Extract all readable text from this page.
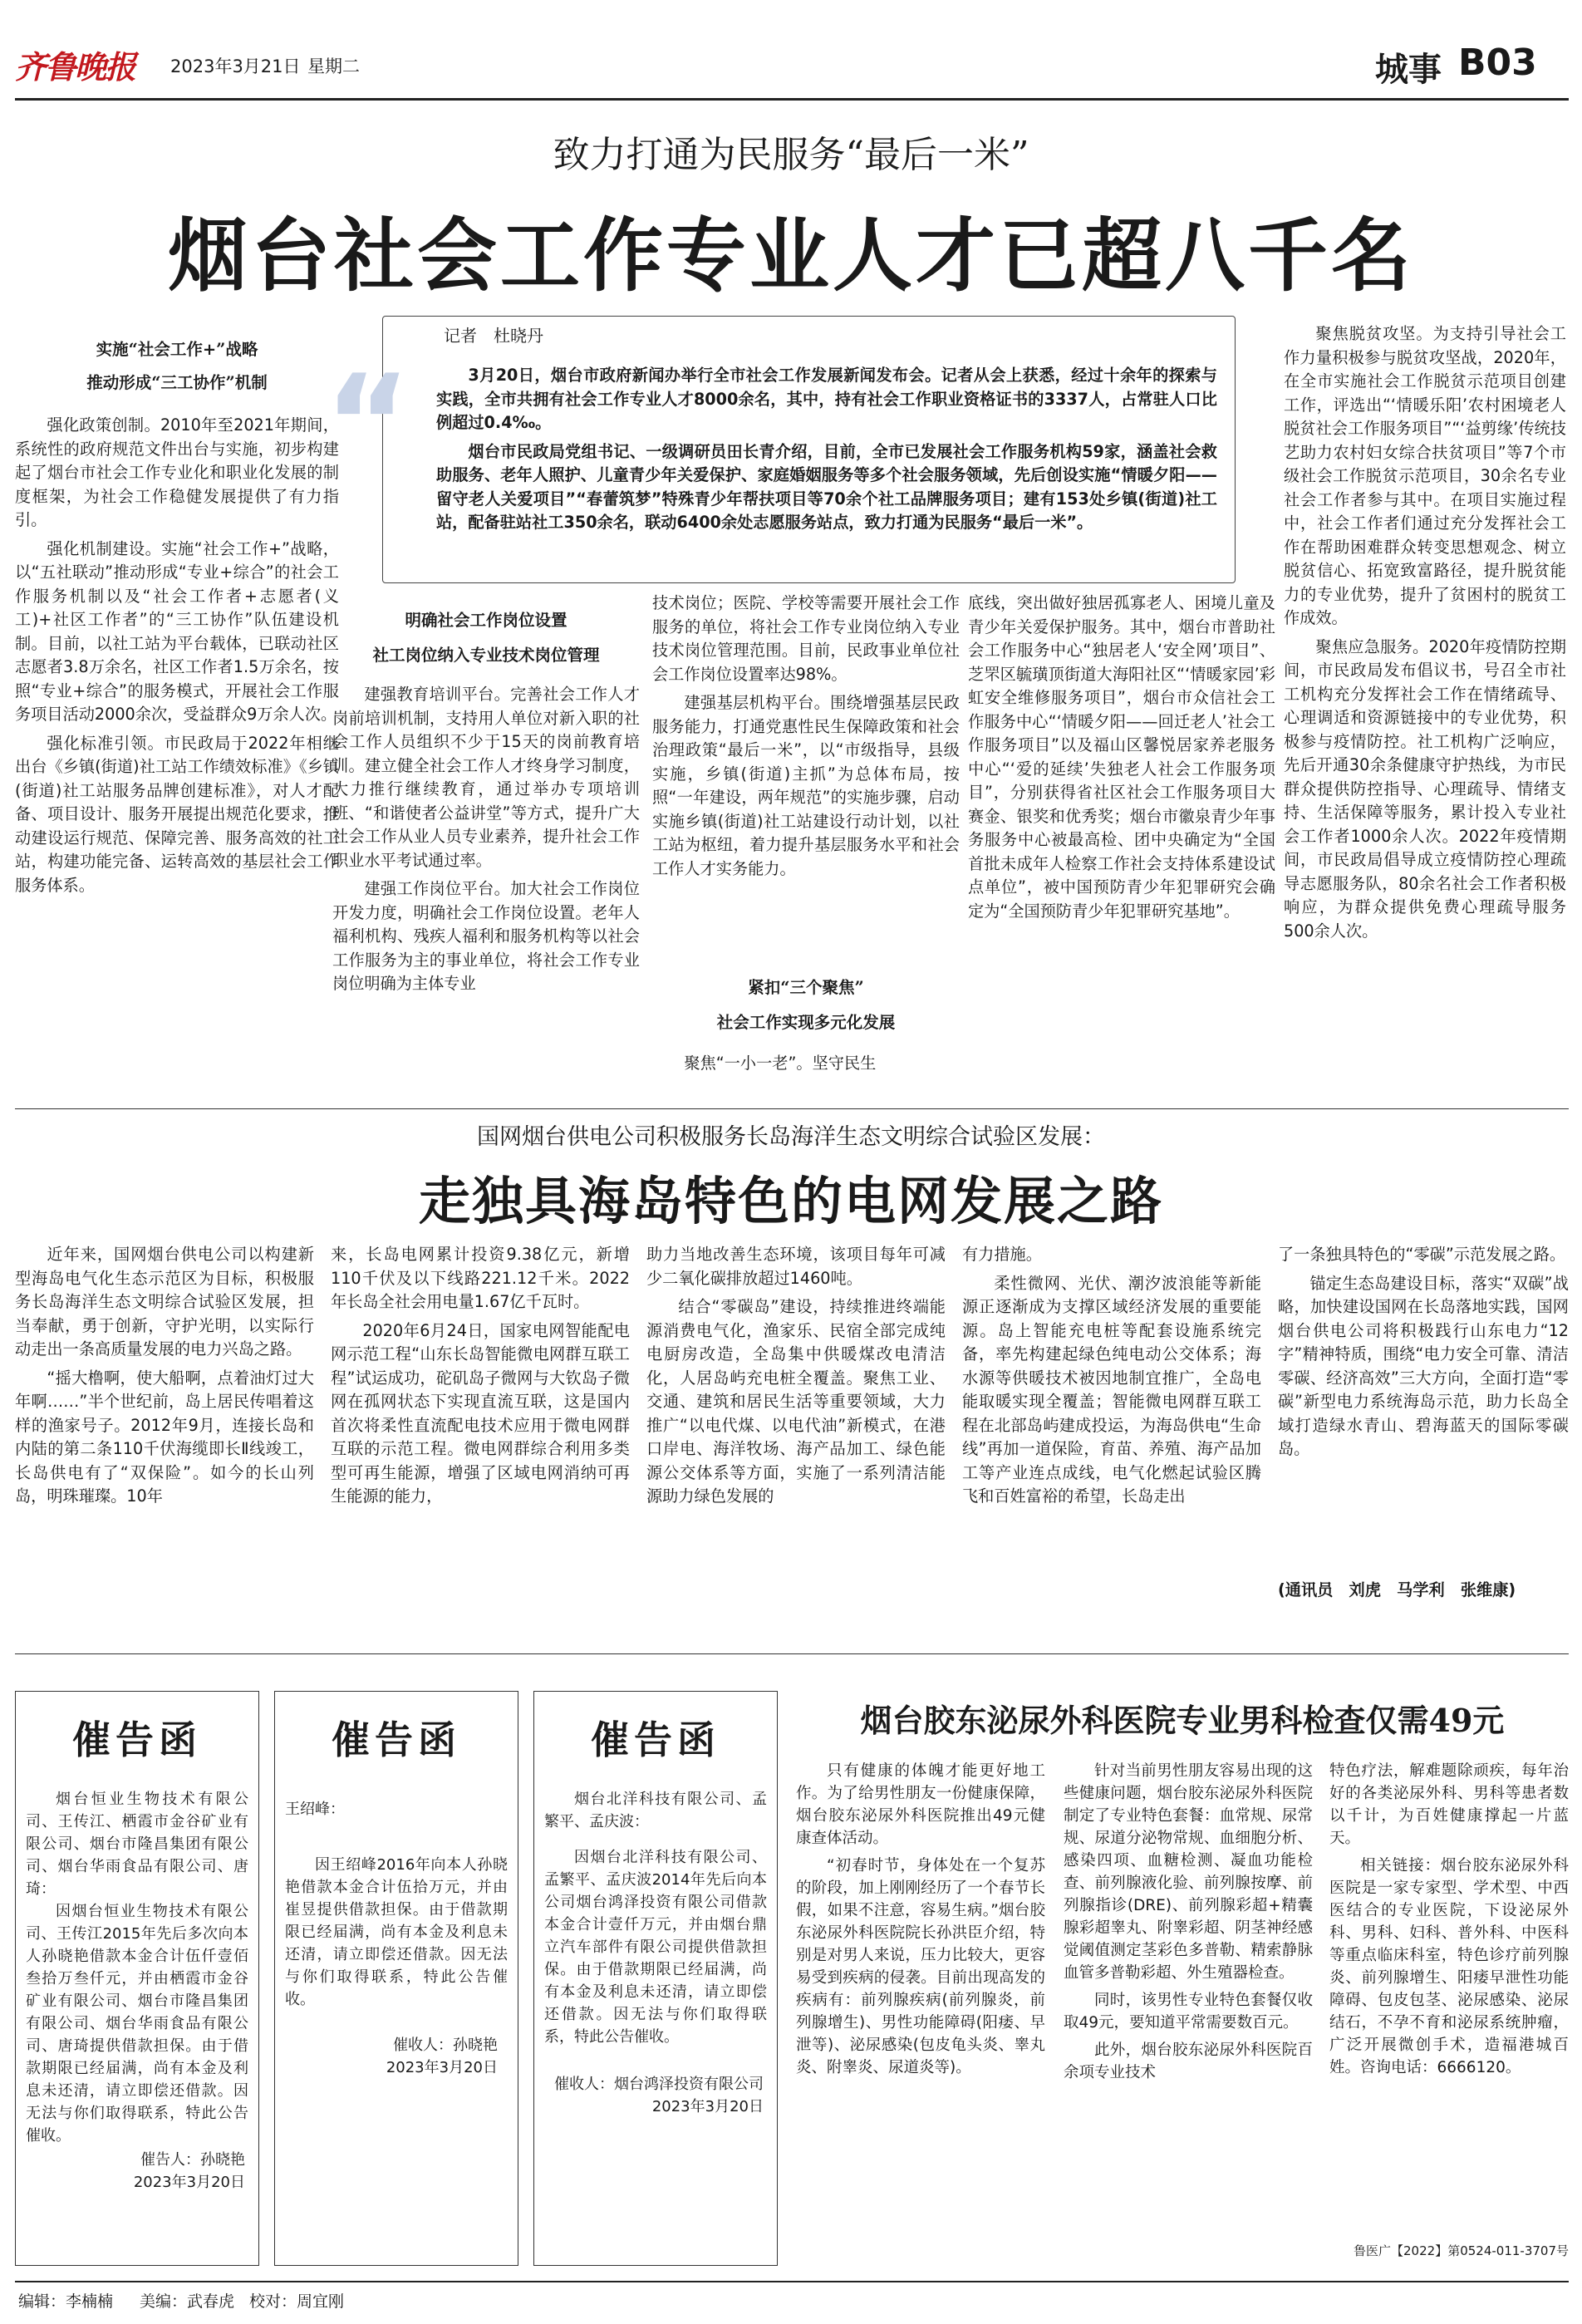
齐鲁晚报 2023年3月21日 星期二	城事 B03
致力打通为民服务“最后一米”
烟台社会工作专业人才已超八千名
实施“社会工作+”战略
推动形成“三工协作”机制

强化政策创制。2010年至2021年期间，系统性的政府规范文件出台与实施，初步构建起了烟台市社会工作专业化和职业化发展的制度框架，为社会工作稳健发展提供了有力指引。

强化机制建设。实施“社会工作+”战略，以“五社联动”推动形成“专业+综合”的社会工作服务机制以及“社会工作者+志愿者(义工)+社区工作者”的“三工协作”队伍建设机制。目前，以社工站为平台载体，已联动社区志愿者3.8万余名，社区工作者1.5万余名，按照“专业+综合”的服务模式，开展社会工作服务项目活动2000余次，受益群众9万余人次。

强化标准引领。市民政局于2022年相继出台《乡镇(街道)社工站工作绩效标准》《乡镇(街道)社工站服务品牌创建标准》，对人才配备、项目设计、服务开展提出规范化要求，推动建设运行规范、保障完善、服务高效的社工站，构建功能完备、运转高效的基层社会工作服务体系。

“
记者　杜晓丹

3月20日，烟台市政府新闻办举行全市社会工作发展新闻发布会。记者从会上获悉，经过十余年的探索与实践，全市共拥有社会工作专业人才8000余名，其中，持有社会工作职业资格证书的3337人，占常驻人口比例超过0.4‰。

烟台市民政局党组书记、一级调研员田长青介绍，目前，全市已发展社会工作服务机构59家，涵盖社会救助服务、老年人照护、儿童青少年关爱保护、家庭婚姻服务等多个社会服务领域，先后创设实施“情暖夕阳——留守老人关爱项目”“春蕾筑梦”特殊青少年帮扶项目等70余个社工品牌服务项目；建有153处乡镇(街道)社工站，配备驻站社工350余名，联动6400余处志愿服务站点，致力打通为民服务“最后一米”。

明确社会工作岗位设置
社工岗位纳入专业技术岗位管理

建强教育培训平台。完善社会工作人才岗前培训机制，支持用人单位对新入职的社会工作人员组织不少于15天的岗前教育培训。建立健全社会工作人才终身学习制度，大力推行继续教育，通过举办专项培训班、“和谐使者公益讲堂”等方式，提升广大社会工作从业人员专业素养，提升社会工作职业水平考试通过率。

建强工作岗位平台。加大社会工作岗位开发力度，明确社会工作岗位设置。老年人福利机构、残疾人福利和服务机构等以社会工作服务为主的事业单位，将社会工作专业岗位明确为主体专业

技术岗位；医院、学校等需要开展社会工作服务的单位，将社会工作专业岗位纳入专业技术岗位管理范围。目前，民政事业单位社会工作岗位设置率达98%。

建强基层机构平台。围绕增强基层民政服务能力，打通党惠性民生保障政策和社会治理政策“最后一米”，以“市级指导，县级实施，乡镇(街道)主抓”为总体布局，按照“一年建设，两年规范”的实施步骤，启动实施乡镇(街道)社工站建设行动计划，以社工站为枢纽，着力提升基层服务水平和社会工作人才实务能力。

紧扣“三个聚焦”
社会工作实现多元化发展

聚焦“一小一老”。坚守民生

底线，突出做好独居孤寡老人、困境儿童及青少年关爱保护服务。其中，烟台市普助社会工作服务中心“独居老人‘安全网’项目”、芝罘区毓璜顶街道大海阳社区“‘情暖家园’彩虹安全维修服务项目”，烟台市众信社会工作服务中心“‘情暖夕阳——回迁老人’社会工作服务项目”以及福山区馨悦居家养老服务中心“‘爱的延续’失独老人社会工作服务项目”，分别获得省社区社会工作服务项目大赛金、银奖和优秀奖；烟台市徽泉青少年事务服务中心被最高检、团中央确定为“全国首批未成年人检察工作社会支持体系建设试点单位”，被中国预防青少年犯罪研究会确定为“全国预防青少年犯罪研究基地”。

聚焦脱贫攻坚。为支持引导社会工作力量积极参与脱贫攻坚战，2020年，在全市实施社会工作脱贫示范项目创建工作，评选出“‘情暖乐阳’农村困境老人脱贫社会工作服务项目”“‘益剪缘’传统技艺助力农村妇女综合扶贫项目”等7个市级社会工作脱贫示范项目，30余名专业社会工作者参与其中。在项目实施过程中，社会工作者们通过充分发挥社会工作在帮助困难群众转变思想观念、树立脱贫信心、拓宽致富路径，提升脱贫能力的专业优势，提升了贫困村的脱贫工作成效。

聚焦应急服务。2020年疫情防控期间，市民政局发布倡议书，号召全市社工机构充分发挥社会工作在情绪疏导、心理调适和资源链接中的专业优势，积极参与疫情防控。社工机构广泛响应，先后开通30余条健康守护热线，为市民群众提供防控指导、心理疏导、情绪支持、生活保障等服务，累计投入专业社会工作者1000余人次。2022年疫情期间，市民政局倡导成立疫情防控心理疏导志愿服务队，80余名社会工作者积极响应，为群众提供免费心理疏导服务500余人次。

国网烟台供电公司积极服务长岛海洋生态文明综合试验区发展：
走独具海岛特色的电网发展之路

近年来，国网烟台供电公司以构建新型海岛电气化生态示范区为目标，积极服务长岛海洋生态文明综合试验区发展，担当奉献，勇于创新，守护光明，以实际行动走出一条高质量发展的电力兴岛之路。

“摇大橹啊，使大船啊，点着油灯过大年啊……”半个世纪前，岛上居民传唱着这样的渔家号子。2012年9月，连接长岛和内陆的第二条110千伏海缆即长Ⅱ线竣工，长岛供电有了“双保险”。如今的长山列岛，明珠璀璨。10年

来，长岛电网累计投资9.38亿元，新增110千伏及以下线路221.12千米。2022年长岛全社会用电量1.67亿千瓦时。

2020年6月24日，国家电网智能配电网示范工程“山东长岛智能微电网群互联工程”试运成功，砣矶岛子微网与大钦岛子微网在孤网状态下实现直流互联，这是国内首次将柔性直流配电技术应用于微电网群互联的示范工程。微电网群综合利用多类型可再生能源，增强了区域电网消纳可再生能源的能力，

助力当地改善生态环境，该项目每年可减少二氧化碳排放超过1460吨。

结合“零碳岛”建设，持续推进终端能源消费电气化，渔家乐、民宿全部完成纯电厨房改造，全岛集中供暖煤改电清洁化，人居岛屿充电桩全覆盖。聚焦工业、交通、建筑和居民生活等重要领域，大力推广“以电代煤、以电代油”新模式，在港口岸电、海洋牧场、海产品加工、绿色能源公交体系等方面，实施了一系列清洁能源助力绿色发展的

有力措施。

柔性微网、光伏、潮汐波浪能等新能源正逐渐成为支撑区域经济发展的重要能源。岛上智能充电桩等配套设施系统完备，率先构建起绿色纯电动公交体系；海水源等供暖技术被因地制宜推广，全岛电能取暖实现全覆盖；智能微电网群互联工程在北部岛屿建成投运，为海岛供电“生命线”再加一道保险，育苗、养殖、海产品加工等产业连点成线，电气化燃起试验区腾飞和百姓富裕的希望，长岛走出

了一条独具特色的“零碳”示范发展之路。

锚定生态岛建设目标，落实“双碳”战略，加快建设国网在长岛落地实践，国网烟台供电公司将积极践行山东电力“12字”精神特质，围绕“电力安全可靠、清洁零碳、经济高效”三大方向，全面打造“零碳”新型电力系统海岛示范，助力长岛全域打造绿水青山、碧海蓝天的国际零碳岛。

(通讯员　刘虎　马学利　张维康)
催告函
烟台恒业生物技术有限公司、王传江、栖霞市金谷矿业有限公司、烟台市隆昌集团有限公司、烟台华雨食品有限公司、唐琦：
因烟台恒业生物技术有限公司、王传江2015年先后多次向本人孙晓艳借款本金合计伍仟壹佰叁拾万叁仟元，并由栖霞市金谷矿业有限公司、烟台市隆昌集团有限公司、烟台华雨食品有限公司、唐琦提供借款担保。由于借款期限已经届满，尚有本金及利息未还清，请立即偿还借款。因无法与你们取得联系，特此公告催收。
催告人：孙晓艳
2023年3月20日
催告函
王绍峰：
因王绍峰2016年向本人孙晓艳借款本金合计伍拾万元，并由崔昱提供借款担保。由于借款期限已经届满，尚有本金及利息未还清，请立即偿还借款。因无法与你们取得联系，特此公告催收。
催收人：孙晓艳
2023年3月20日
催告函
烟台北洋科技有限公司、孟繁平、孟庆波：
因烟台北洋科技有限公司、孟繁平、孟庆波2014年先后向本公司烟台鸿泽投资有限公司借款本金合计壹仟万元，并由烟台鼎立汽车部件有限公司提供借款担保。由于借款期限已经届满，尚有本金及利息未还清，请立即偿还借款。因无法与你们取得联系，特此公告催收。
催收人：烟台鸿泽投资有限公司
2023年3月20日
烟台胶东泌尿外科医院专业男科检查仅需49元

只有健康的体魄才能更好地工作。为了给男性朋友一份健康保障，烟台胶东泌尿外科医院推出49元健康查体活动。

“初春时节，身体处在一个复苏的阶段，加上刚刚经历了一个春节长假，如果不注意，容易生病。”烟台胶东泌尿外科医院院长孙洪臣介绍，特别是对男人来说，压力比较大，更容易受到疾病的侵袭。目前出现高发的疾病有：前列腺疾病(前列腺炎，前列腺增生)、男性功能障碍(阳痿、早泄等)、泌尿感染(包皮龟头炎、睾丸炎、附睾炎、尿道炎等)。

针对当前男性朋友容易出现的这些健康问题，烟台胶东泌尿外科医院制定了专业特色套餐：血常规、尿常规、尿道分泌物常规、血细胞分析、感染四项、血糖检测、凝血功能检查、前列腺液化验、前列腺按摩、前列腺指诊(DRE)、前列腺彩超+精囊腺彩超睾丸、附睾彩超、阴茎神经感觉阈值测定茎彩色多普勒、精索静脉血管多普勒彩超、外生殖器检查。

同时，该男性专业特色套餐仅收取49元，要知道平常需要数百元。

此外，烟台胶东泌尿外科医院百余项专业技术

特色疗法，解难题除顽疾，每年治好的各类泌尿外科、男科等患者数以千计，为百姓健康撑起一片蓝天。

相关链接：烟台胶东泌尿外科医院是一家专家型、学术型、中西医结合的专业医院，下设泌尿外科、男科、妇科、普外科、中医科等重点临床科室，特色诊疗前列腺炎、前列腺增生、阳痿早泄性功能障碍、包皮包茎、泌尿感染、泌尿结石，不孕不育和泌尿系统肿瘤，广泛开展微创手术，造福港城百姓。咨询电话：6666120。

鲁医广【2022】第0524-011-3707号
编辑：李楠楠 美编：武春虎 校对：周宜刚
